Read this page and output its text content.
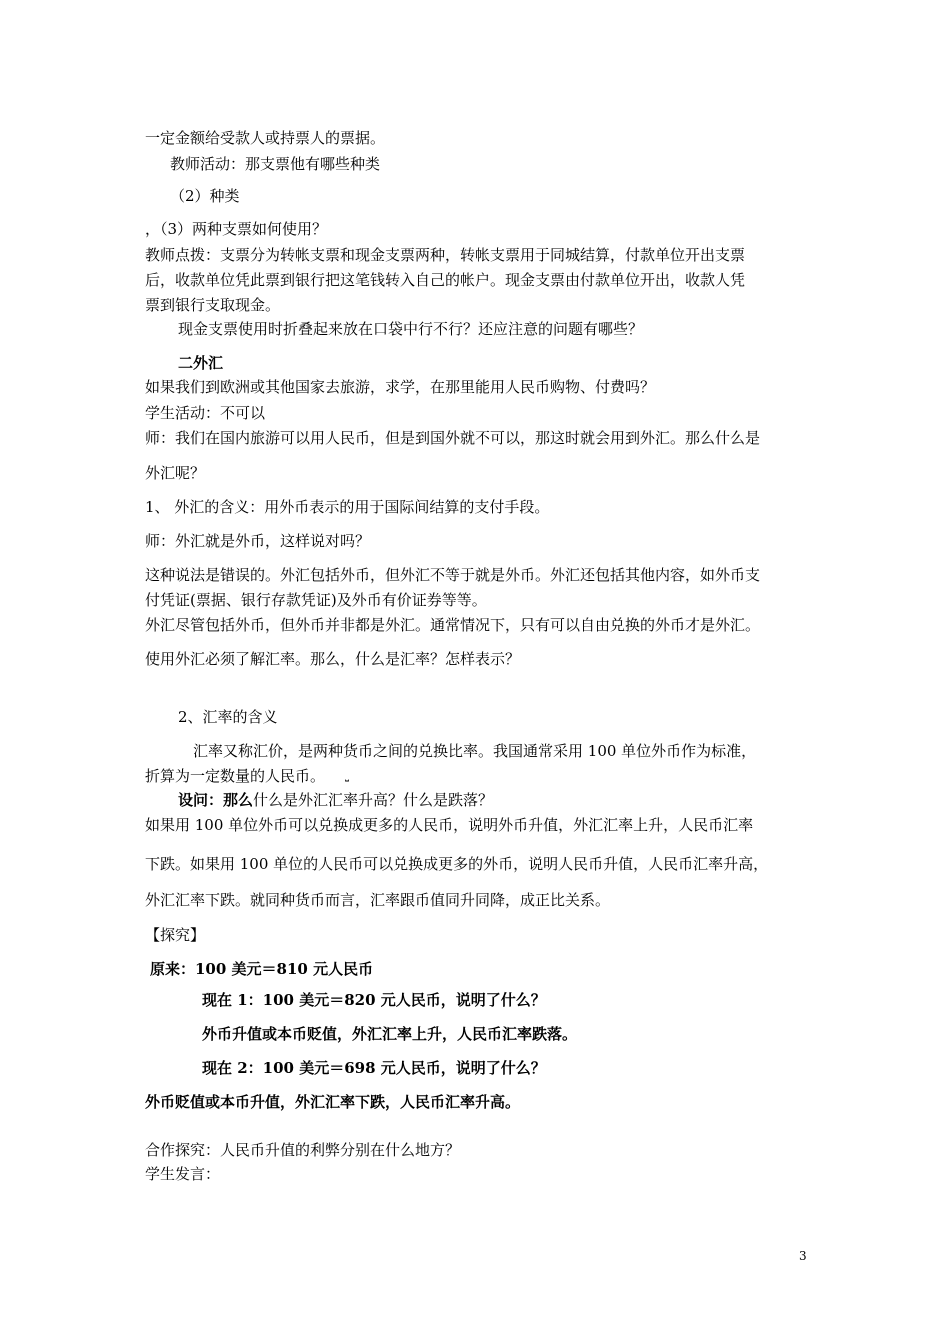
一定金额给受款人或持票人的票据。
教师活动：那支票他有哪些种类
（2）种类
，（3）两种支票如何使用？
教师点拨：支票分为转帐支票和现金支票两种，转帐支票用于同城结算，付款单位开出支票
后，收款单位凭此票到银行把这笔钱转入自己的帐户。现金支票由付款单位开出，收款人凭
票到银行支取现金。
现金支票使用时折叠起来放在口袋中行不行？还应注意的问题有哪些？
二外汇
如果我们到欧洲或其他国家去旅游，求学，在那里能用人民币购物、付费吗？
学生活动：不可以
师：我们在国内旅游可以用人民币，但是到国外就不可以，那这时就会用到外汇。那么什么是
外汇呢？
1、 外汇的含义：用外币表示的用于国际间结算的支付手段。
师：外汇就是外币，这样说对吗？
这种说法是错误的。外汇包括外币，但外汇不等于就是外币。外汇还包括其他内容，如外币支
付凭证(票据、银行存款凭证)及外币有价证券等等。
外汇尽管包括外币，但外币并非都是外汇。通常情况下，只有可以自由兑换的外币才是外汇。
使用外汇必须了解汇率。那么，什么是汇率？怎样表示？
2、汇率的含义
汇率又称汇价，是两种货币之间的兑换比率。我国通常采用 100 单位外币作为标准，
折算为一定数量的人民币。 ⎵
设问：那么什么是外汇汇率升高？什么是跌落？
如果用 100 单位外币可以兑换成更多的人民币，说明外币升值，外汇汇率上升，人民币汇率
下跌。如果用 100 单位的人民币可以兑换成更多的外币，说明人民币升值，人民币汇率升高，
外汇汇率下跌。就同种货币而言，汇率跟币值同升同降，成正比关系。
【探究】
原来：100 美元＝810 元人民币
现在 1：100 美元＝820 元人民币，说明了什么？
外币升值或本币贬值，外汇汇率上升，人民币汇率跌落。
现在 2：100 美元＝698 元人民币，说明了什么？
外币贬值或本币升值，外汇汇率下跌，人民币汇率升高。
合作探究：人民币升值的利弊分别在什么地方？
学生发言：
3
